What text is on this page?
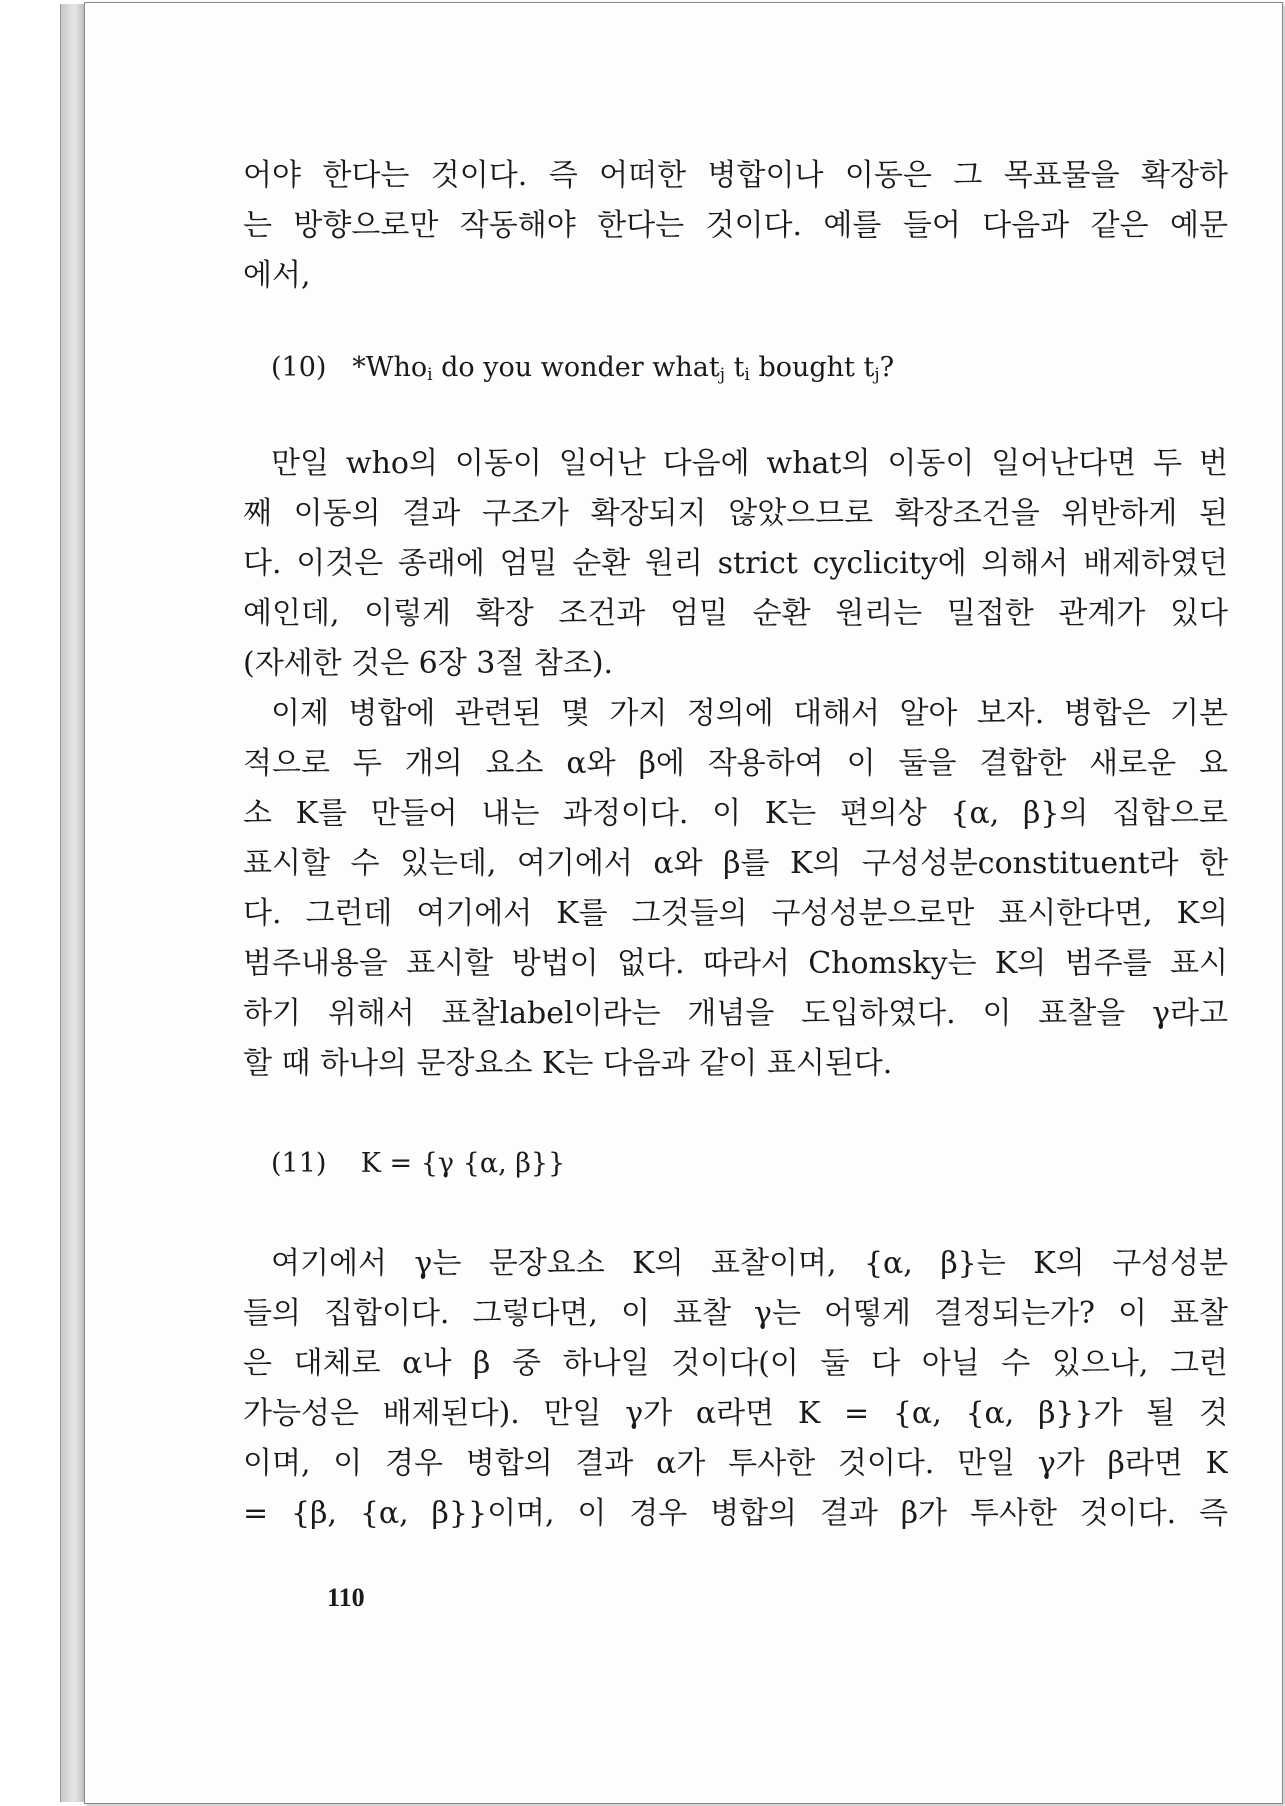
어야 한다는 것이다. 즉 어떠한 병합이나 이동은 그 목표물을 확장하
는 방향으로만 작동해야 한다는 것이다. 예를 들어 다음과 같은 예문
에서,
(10) *Who$_i$ do you wonder what$_j$ $t_i$ bought $t_j$?
만일 who의 이동이 일어난 다음에 what의 이동이 일어난다면 두 번
째 이동의 결과 구조가 확장되지 않았으므로 확장조건을 위반하게 된
다. 이것은 종래에 엄밀 순환 원리 strict cyclicity에 의해서 배제하였던
예인데, 이렇게 확장 조건과 엄밀 순환 원리는 밀접한 관계가 있다
(자세한 것은 6장 3절 참조).
이제 병합에 관련된 몇 가지 정의에 대해서 알아 보자. 병합은 기본
적으로 두 개의 요소 α와 β에 작용하여 이 둘을 결합한 새로운 요
소 K를 만들어 내는 과정이다. 이 K는 편의상 {α, β}의 집합으로
표시할 수 있는데, 여기에서 α와 β를 K의 구성성분constituent라 한
다. 그런데 여기에서 K를 그것들의 구성성분으로만 표시한다면, K의
범주내용을 표시할 방법이 없다. 따라서 Chomsky는 K의 범주를 표시
하기 위해서 표찰label이라는 개념을 도입하였다. 이 표찰을 γ라고
할 때 하나의 문장요소 K는 다음과 같이 표시된다.
(11) K = {γ {α, β}}
여기에서 γ는 문장요소 K의 표찰이며, {α, β}는 K의 구성성분
들의 집합이다. 그렇다면, 이 표찰 γ는 어떻게 결정되는가? 이 표찰
은 대체로 α나 β 중 하나일 것이다(이 둘 다 아닐 수 있으나, 그런
가능성은 배제된다). 만일 γ가 α라면 K = {α, {α, β}}가 될 것
이며, 이 경우 병합의 결과 α가 투사한 것이다. 만일 γ가 β라면 K
= {β, {α, β}}이며, 이 경우 병합의 결과 β가 투사한 것이다. 즉
110
